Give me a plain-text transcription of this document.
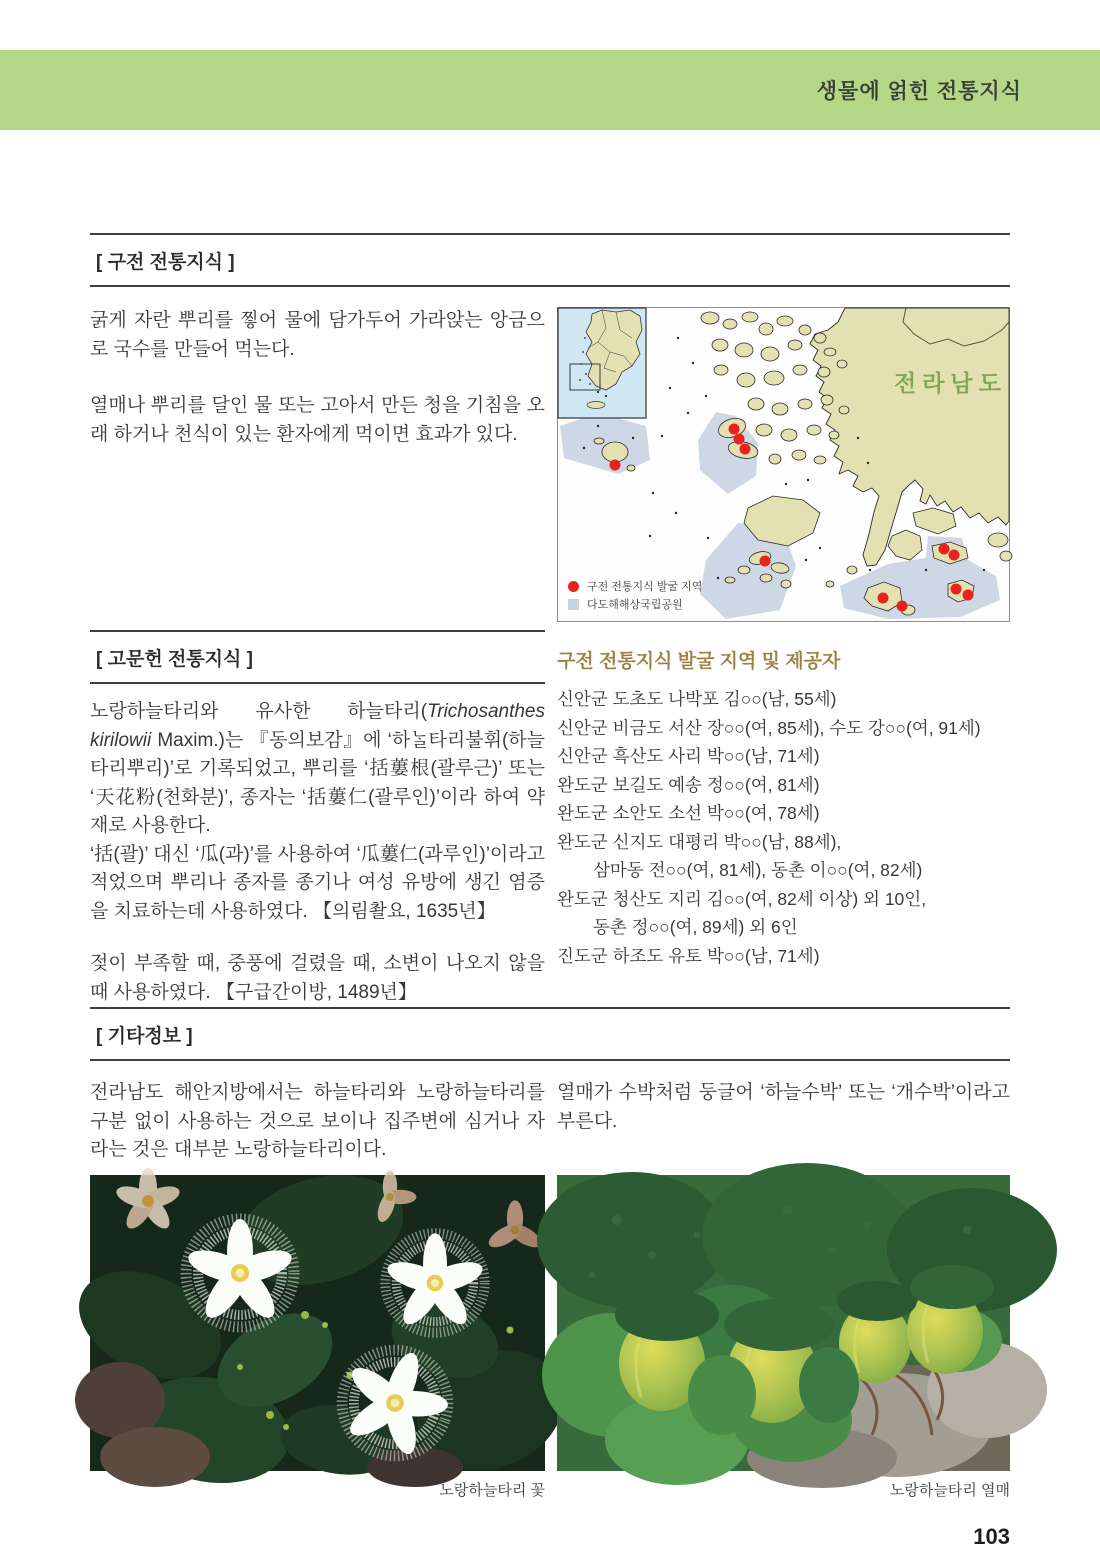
생물에 얽힌 전통지식
[ 구전 전통지식 ]

굵게 자란 뿌리를 찧어 물에 담가두어 가라앉는 앙금으로 국수를 만들어 먹는다.

열매나 뿌리를 달인 물 또는 고아서 만든 청을 기침을 오래 하거나 천식이 있는 환자에게 먹이면 효과가 있다.

전라남도
구전 전통지식 발굴 지역
다도해해상국립공원
[ 고문헌 전통지식 ]

노랑하늘타리와 유사한 하늘타리(Trichosanthes kirilowii Maxim.)는 『동의보감』에 ‘하ᄂᆞᆯ타리불휘(하늘타리뿌리)’로 기록되었고, 뿌리를 ‘括蔞根(괄루근)’ 또는 ‘天花粉(천화분)’, 종자는 ‘括蔞仁(괄루인)’이라 하여 약재로 사용한다.

‘括(괄)’ 대신 ‘瓜(과)’를 사용하여 ‘瓜蔞仁(과루인)’이라고 적었으며 뿌리나 종자를 종기나 여성 유방에 생긴 염증을 치료하는데 사용하였다. 【의림촬요, 1635년】

젖이 부족할 때, 중풍에 걸렸을 때, 소변이 나오지 않을 때 사용하였다. 【구급간이방, 1489년】

구전 전통지식 발굴 지역 및 제공자
신안군 도초도 나박포 김○○(남, 55세)
신안군 비금도 서산 장○○(여, 85세), 수도 강○○(여, 91세)
신안군 흑산도 사리 박○○(남, 71세)
완도군 보길도 예송 정○○(여, 81세)
완도군 소안도 소선 박○○(여, 78세)
완도군 신지도 대평리 박○○(남, 88세),
삼마동 전○○(여, 81세), 동촌 이○○(여, 82세)
완도군 청산도 지리 김○○(여, 82세 이상) 외 10인,
동촌 정○○(여, 89세) 외 6인
진도군 하조도 유토 박○○(남, 71세)
[ 기타정보 ]

전라남도 해안지방에서는 하늘타리와 노랑하늘타리를 구분 없이 사용하는 것으로 보이나 집주변에 심거나 자라는 것은 대부분 노랑하늘타리이다.

열매가 수박처럼 둥글어 ‘하늘수박’ 또는 ‘개수박’이라고 부른다.

노랑하늘타리 꽃	노랑하늘타리 열매
103
